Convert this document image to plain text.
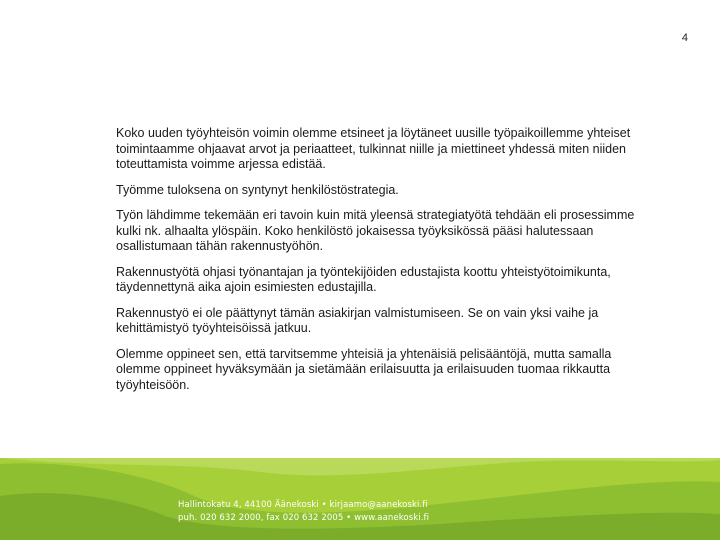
4

Koko uuden työyhteisön voimin olemme etsineet ja löytäneet uusille työpaikoillemme yhteiset toimintaamme ohjaavat arvot ja periaatteet, tulkinnat niille ja miettineet yhdessä miten niiden toteuttamista voimme arjessa edistää.

Työmme tuloksena on syntynyt henkilöstöstrategia.

Työn lähdimme tekemään eri tavoin kuin mitä yleensä strategiatyötä tehdään eli prosessimme kulki nk. alhaalta ylöspäin. Koko henkilöstö jokaisessa työyksikössä pääsi halutessaan osallistumaan tähän rakennustyöhön.

Rakennustyötä ohjasi työnantajan ja työntekijöiden edustajista koottu yhteistyötoimikunta, täydennettynä aika ajoin esimiesten edustajilla.

Rakennustyö ei ole päättynyt tämän asiakirjan valmistumiseen. Se on vain yksi vaihe ja kehittämistyö työyhteisöissä jatkuu.

Olemme oppineet sen, että tarvitsemme yhteisiä ja yhtenäisiä pelisääntöjä, mutta samalla olemme oppineet hyväksymään ja sietämään erilaisuutta ja erilaisuuden tuomaa rikkautta työyhteisöön.

Hallintokatu 4, 44100 Äänekoski • kirjaamo@aanekoski.fi
puh. 020 632 2000, fax 020 632 2005 • www.aanekoski.fi
